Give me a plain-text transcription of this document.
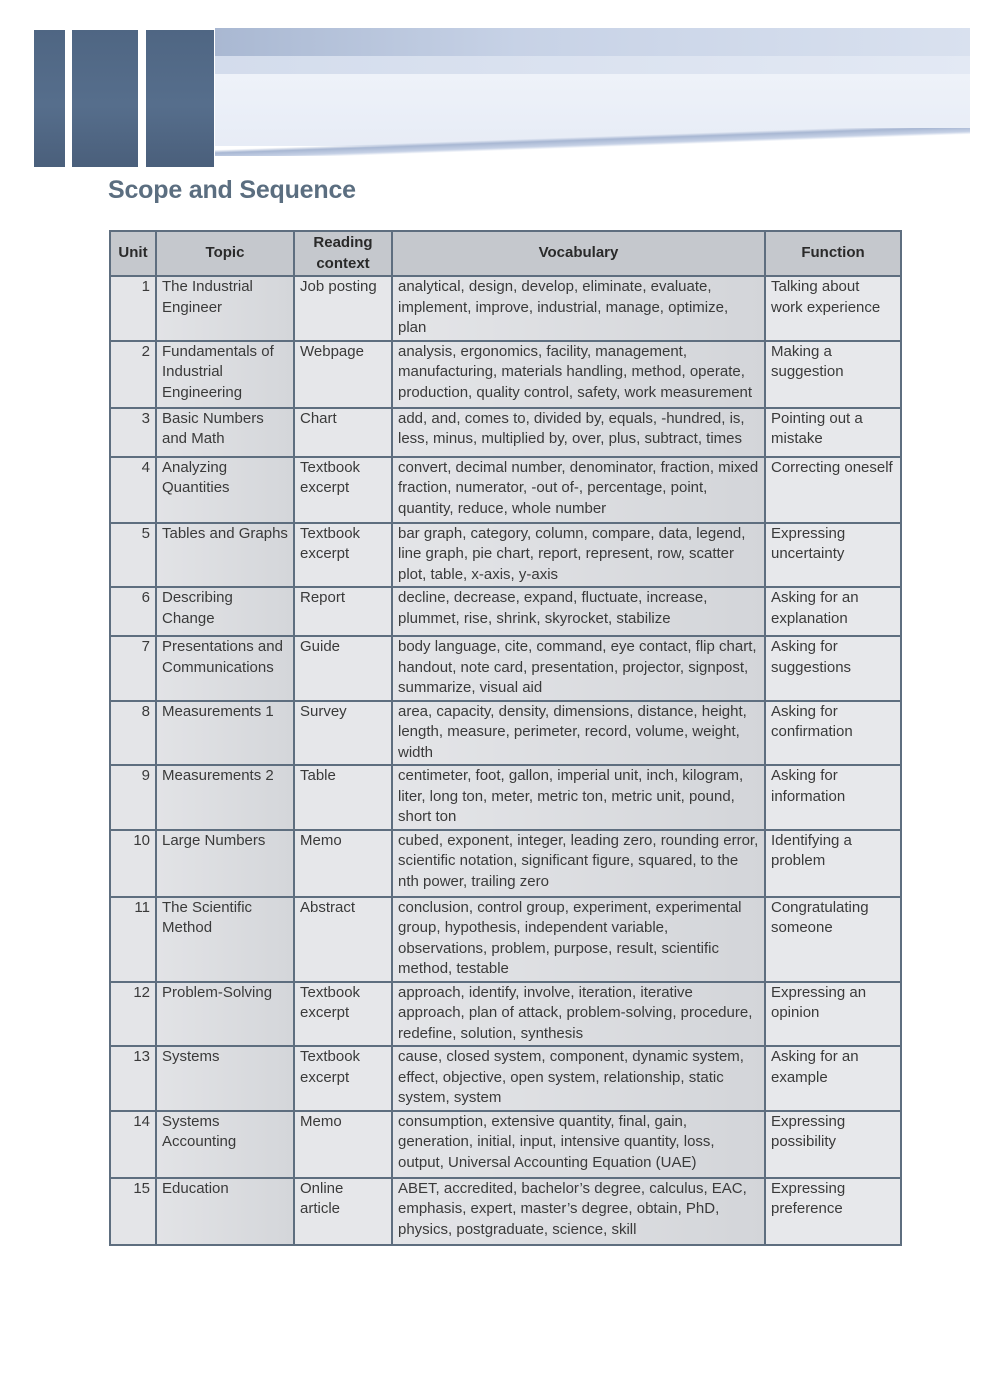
Scope and Sequence
Unit	Topic	Reading context	Vocabulary	Function
1	The Industrial Engineer	Job posting	analytical, design, develop, eliminate, evaluate, implement, improve, industrial, manage, optimize, plan	Talking about work experience
2	Fundamentals of Industrial Engineering	Webpage	analysis, ergonomics, facility, management, manufacturing, materials handling, method, operate, production, quality control, safety, work measurement	Making a suggestion
3	Basic Numbers and Math	Chart	add, and, comes to, divided by, equals, -hundred, is, less, minus, multiplied by, over, plus, subtract, times	Pointing out a mistake
4	Analyzing Quantities	Textbook excerpt	convert, decimal number, denominator, fraction, mixed fraction, numerator, -out of-, percentage, point, quantity, reduce, whole number	Correcting oneself
5	Tables and Graphs	Textbook excerpt	bar graph, category, column, compare, data, legend, line graph, pie chart, report, represent, row, scatter plot, table, x-axis, y-axis	Expressing uncertainty
6	Describing Change	Report	decline, decrease, expand, fluctuate, increase, plummet, rise, shrink, skyrocket, stabilize	Asking for an explanation
7	Presentations and Communications	Guide	body language, cite, command, eye contact, flip chart, handout, note card, presentation, projector, signpost, summarize, visual aid	Asking for suggestions
8	Measurements 1	Survey	area, capacity, density, dimensions, distance, height, length, measure, perimeter, record, volume, weight, width	Asking for confirmation
9	Measurements 2	Table	centimeter, foot, gallon, imperial unit, inch, kilogram, liter, long ton, meter, metric ton, metric unit, pound, short ton	Asking for information
10	Large Numbers	Memo	cubed, exponent, integer, leading zero, rounding error, scientific notation, significant figure, squared, to the nth power, trailing zero	Identifying a problem
11	The Scientific Method	Abstract	conclusion, control group, experiment, experimental group, hypothesis, independent variable, observations, problem, purpose, result, scientific method, testable	Congratulating someone
12	Problem-Solving	Textbook excerpt	approach, identify, involve, iteration, iterative approach, plan of attack, problem-solving, procedure, redefine, solution, synthesis	Expressing an opinion
13	Systems	Textbook excerpt	cause, closed system, component, dynamic system, effect, objective, open system, relationship, static system, system	Asking for an example
14	Systems Accounting	Memo	consumption, extensive quantity, final, gain, generation, initial, input, intensive quantity, loss, output, Universal Accounting Equation (UAE)	Expressing possibility
15	Education	Online article	ABET, accredited, bachelor’s degree, calculus, EAC, emphasis, expert, master’s degree, obtain, PhD, physics, postgraduate, science, skill	Expressing preference
